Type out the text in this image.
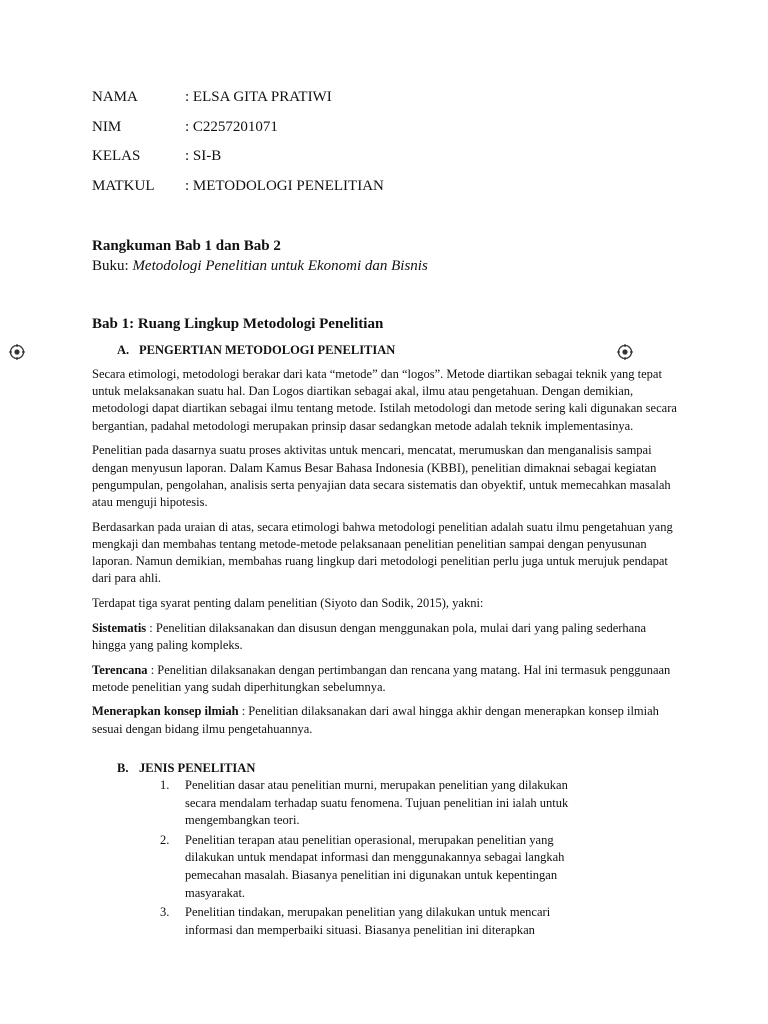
NAMA	: ELSA GITA PRATIWI
NIM	: C2257201071
KELAS	: SI-B
MATKUL : METODOLOGI PENELITIAN
Rangkuman Bab 1 dan Bab 2
Buku: Metodologi Penelitian untuk Ekonomi dan Bisnis
Bab 1: Ruang Lingkup Metodologi Penelitian
A. PENGERTIAN METODOLOGI PENELITIAN

Secara etimologi, metodologi berakar dari kata “metode” dan “logos”. Metode diartikan sebagai teknik yang tepat untuk melaksanakan suatu hal. Dan Logos diartikan sebagai akal, ilmu atau pengetahuan. Dengan demikian, metodologi dapat diartikan sebagai ilmu tentang metode. Istilah metodologi dan metode sering kali digunakan secara bergantian, padahal metodologi merupakan prinsip dasar sedangkan metode adalah teknik implementasinya.

Penelitian pada dasarnya suatu proses aktivitas untuk mencari, mencatat, merumuskan dan menganalisis sampai dengan menyusun laporan. Dalam Kamus Besar Bahasa Indonesia (KBBI), penelitian dimaknai sebagai kegiatan pengumpulan, pengolahan, analisis serta penyajian data secara sistematis dan obyektif, untuk memecahkan masalah atau menguji hipotesis.

Berdasarkan pada uraian di atas, secara etimologi bahwa metodologi penelitian adalah suatu ilmu pengetahuan yang mengkaji dan membahas tentang metode-metode pelaksanaan penelitian penelitian sampai dengan penyusunan laporan. Namun demikian, membahas ruang lingkup dari metodologi penelitian perlu juga untuk merujuk pendapat dari para ahli.

Terdapat tiga syarat penting dalam penelitian (Siyoto dan Sodik, 2015), yakni:

Sistematis : Penelitian dilaksanakan dan disusun dengan menggunakan pola, mulai dari yang paling sederhana hingga yang paling kompleks.

Terencana : Penelitian dilaksanakan dengan pertimbangan dan rencana yang matang. Hal ini termasuk penggunaan metode penelitian yang sudah diperhitungkan sebelumnya.

Menerapkan konsep ilmiah : Penelitian dilaksanakan dari awal hingga akhir dengan menerapkan konsep ilmiah sesuai dengan bidang ilmu pengetahuannya.

B. JENIS PENELITIAN
1. Penelitian dasar atau penelitian murni, merupakan penelitian yang dilakukan secara mendalam terhadap suatu fenomena. Tujuan penelitian ini ialah untuk mengembangkan teori.
2. Penelitian terapan atau penelitian operasional, merupakan penelitian yang dilakukan untuk mendapat informasi dan menggunakannya sebagai langkah pemecahan masalah. Biasanya penelitian ini digunakan untuk kepentingan masyarakat.
3. Penelitian tindakan, merupakan penelitian yang dilakukan untuk mencari informasi dan memperbaiki situasi. Biasanya penelitian ini diterapkan
